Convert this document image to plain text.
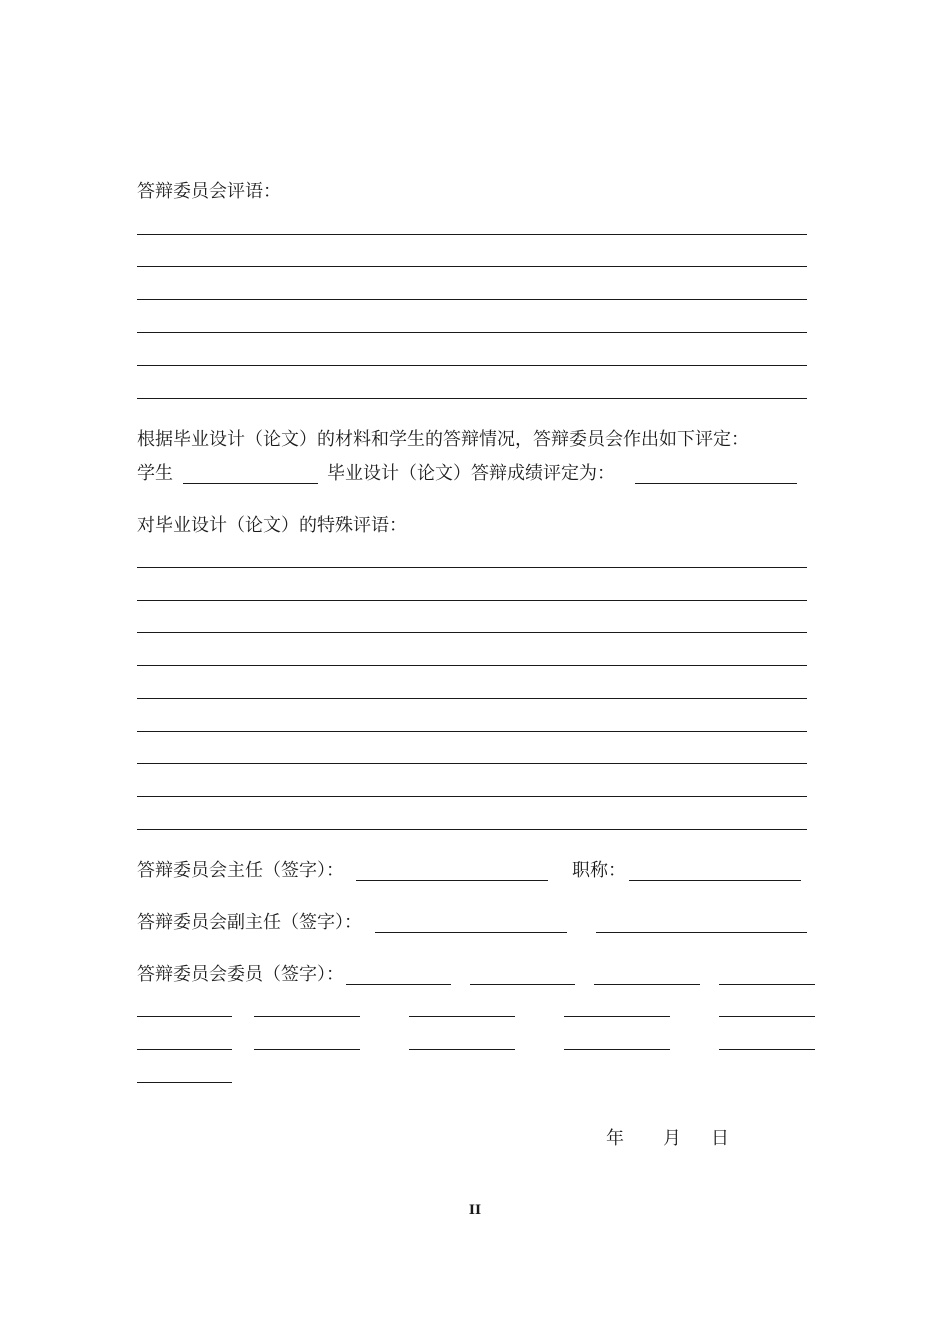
答辩委员会评语：
根据毕业设计（论文）的材料和学生的答辩情况，答辩委员会作出如下评定：
学生	毕业设计（论文）答辩成绩评定为：
对毕业设计（论文）的特殊评语：
答辩委员会主任（签字）：	职称：
答辩委员会副主任（签字）：
答辩委员会委员（签字）：
年 月 日
II
